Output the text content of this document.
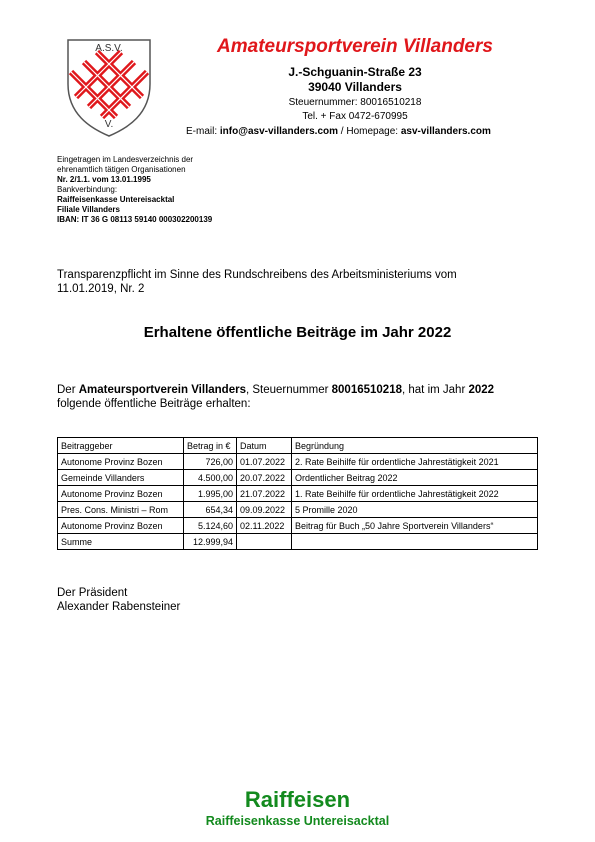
A.S.V.
V.
Amateursportverein Villanders
J.-Schguanin-Straße 23
39040 Villanders
Steuernummer: 80016510218
Tel. + Fax 0472-670995
E-mail: info@asv-villanders.com / Homepage: asv-villanders.com
Eingetragen im Landesverzeichnis der
ehrenamtlich tätigen Organisationen
Nr. 2/1.1. vom 13.01.1995
Bankverbindung:
Raiffeisenkasse Untereisacktal
Filiale Villanders
IBAN: IT 36 G 08113 59140 000302200139
Transparenzpflicht im Sinne des Rundschreibens des Arbeitsministeriums vom 11.01.2019, Nr. 2
Erhaltene öffentliche Beiträge im Jahr 2022
Der Amateursportverein Villanders, Steuernummer 80016510218, hat im Jahr 2022
folgende öffentliche Beiträge erhalten:
Beitraggeber	Betrag in €	Datum	Begründung
Autonome Provinz Bozen	726,00	01.07.2022	2. Rate Beihilfe für ordentliche Jahrestätigkeit 2021
Gemeinde Villanders	4.500,00	20.07.2022	Ordentlicher Beitrag 2022
Autonome Provinz Bozen	1.995,00	21.07.2022	1. Rate Beihilfe für ordentliche Jahrestätigkeit 2022
Pres. Cons. Ministri – Rom	654,34	09.09.2022	5 Promille 2020
Autonome Provinz Bozen	5.124,60	02.11.2022	Beitrag für Buch „50 Jahre Sportverein Villanders“
Summe	12.999,94		
Der Präsident
Alexander Rabensteiner
Raiffeisen
Raiffeisenkasse Untereisacktal
